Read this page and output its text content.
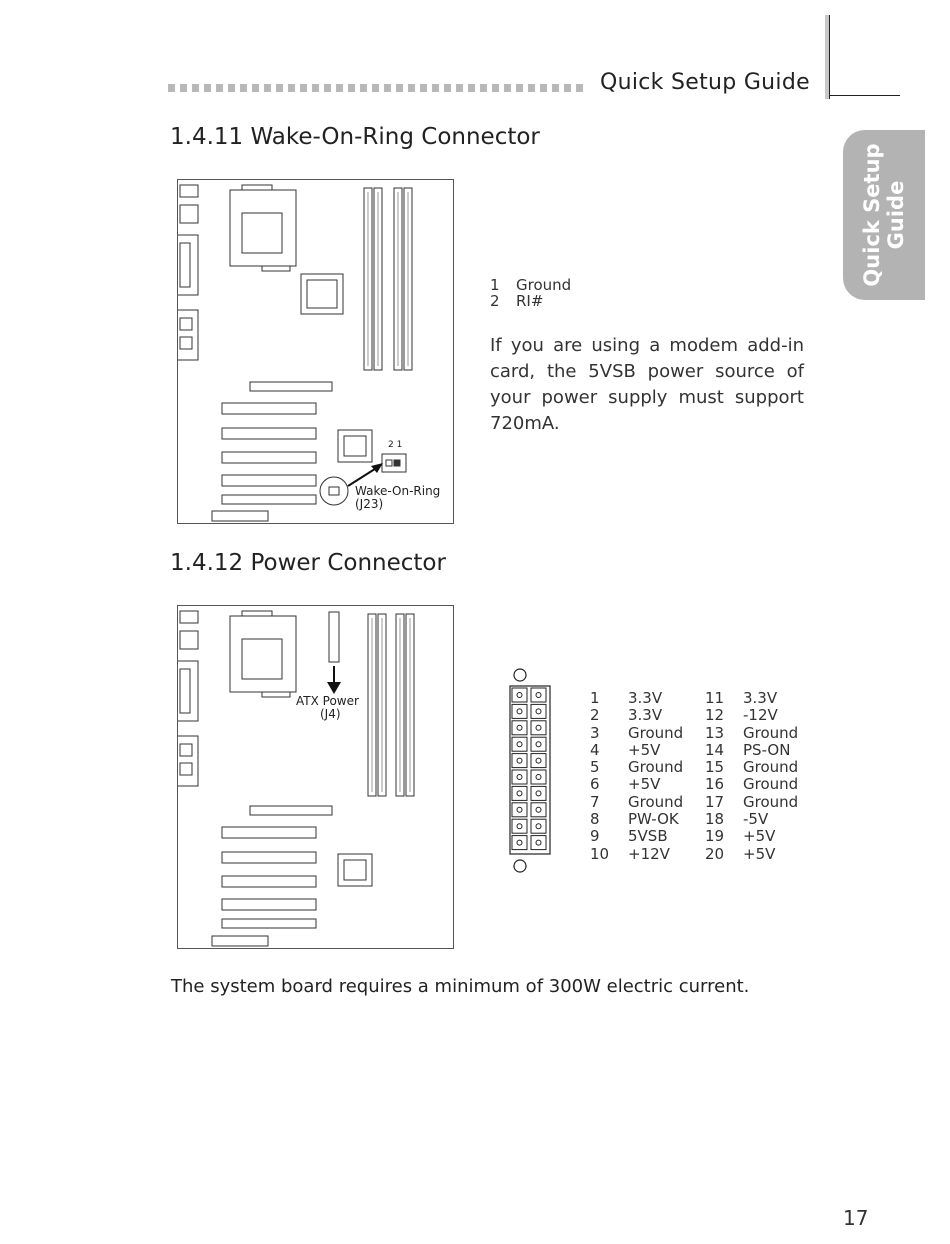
Quick Setup Guide
Quick Setup Guide
1.4.11 Wake-On-Ring Connector
2 1
Wake-On-Ring
(J23)
1 Ground
2 RI#
If you are using a modem add-in card, the 5VSB power source of your power supply must support 720mA.
1.4.12 Power Connector
ATX Power
(J4)
1 3.3V
2 3.3V
3 Ground
4 +5V
5 Ground
6 +5V
7 Ground
8 PW-OK
9 5VSB
10 +12V
11 3.3V
12 -12V
13 Ground
14 PS-ON
15 Ground
16 Ground
17 Ground
18 -5V
19 +5V
20 +5V
The system board requires a minimum of 300W electric current.
17
